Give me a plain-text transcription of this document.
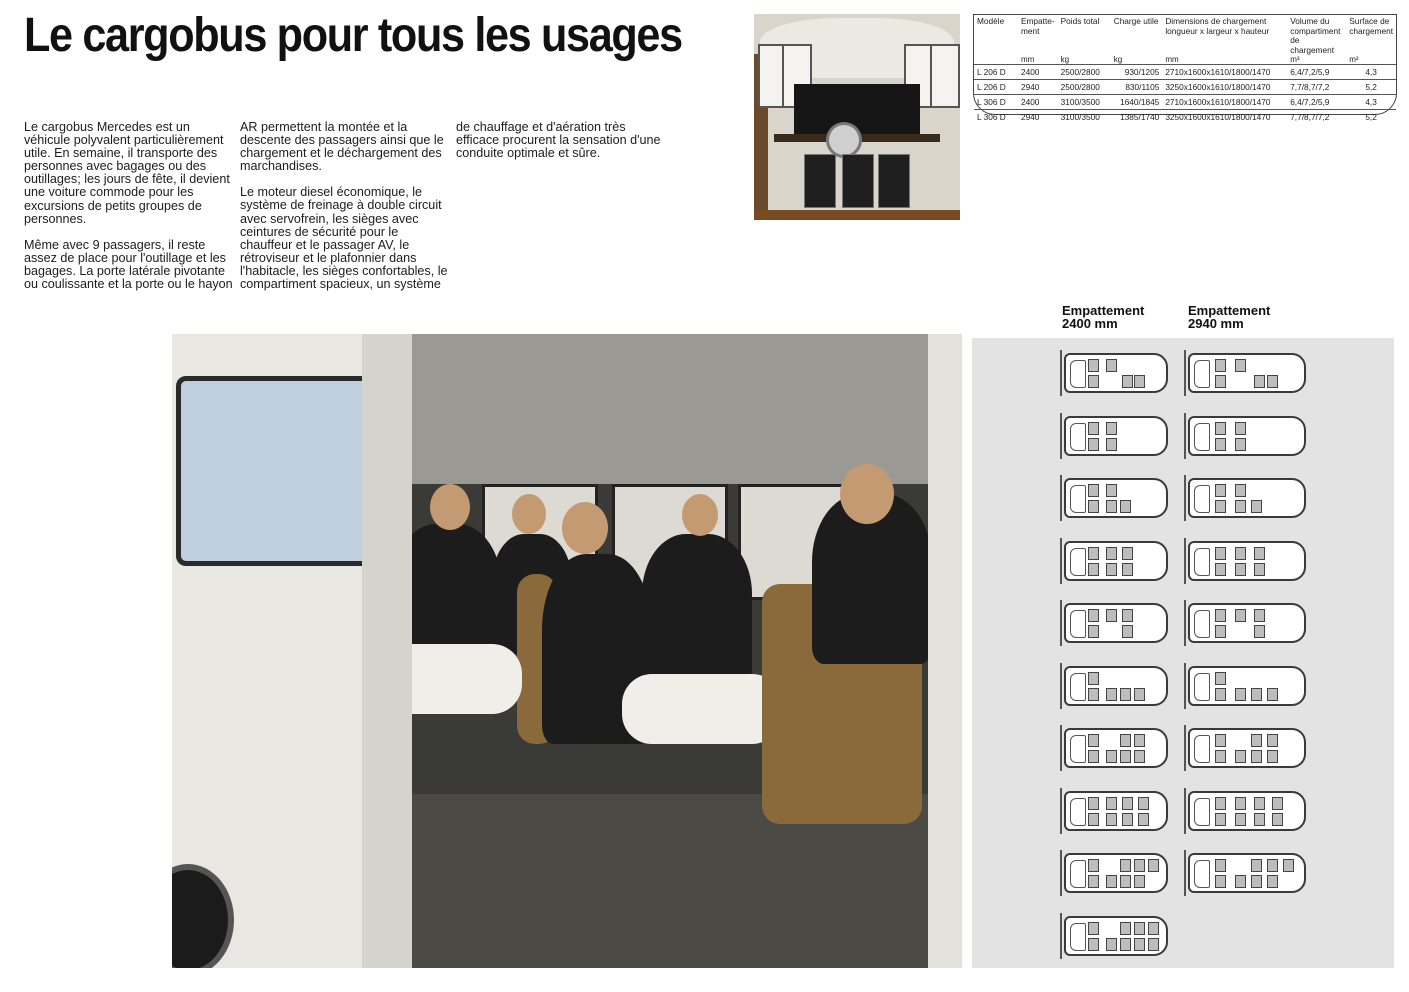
Le cargobus pour tous les usages

Le cargobus Mercedes est un véhicule polyvalent particulièrement utile. En semaine, il transporte des personnes avec bagages ou des outillages; les jours de fête, il devient une voiture commode pour les excursions de petits groupes de personnes.

Même avec 9 passagers, il reste assez de place pour l'outillage et les bagages. La porte latérale pivotante ou coulissante et la porte ou le hayon

AR permettent la montée et la descente des passagers ainsi que le chargement et le déchargement des marchandises.

Le moteur diesel économique, le système de freinage à double circuit avec servofrein, les sièges avec ceintures de sécurité pour le chauffeur et le passager AV, le rétroviseur et le plafonnier dans l'habitacle, les sièges confortables, le compartiment spacieux, un système

de chauffage et d'aération très efficace procurent la sensation d'une conduite optimale et sûre.

Modèle	Empatte-ment	Poids total	Charge utile	Dimensions de chargement longueur x largeur x hauteur	Volume du compartiment de chargement	Surface de chargement
	mm	kg	kg	mm	m³	m²
L 206 D	2400	2500/2800	930/1205	2710x1600x1610/1800/1470	6,4/7,2/5,9	4,3
L 206 D	2940	2500/2800	830/1105	3250x1600x1610/1800/1470	7,7/8,7/7,2	5,2
L 306 D	2400	3100/3500	1640/1845	2710x1600x1610/1800/1470	6,4/7,2/5,9	4,3
L 306 D	2940	3100/3500	1385/1740	3250x1600x1610/1800/1470	7,7/8,7/7,2	5,2
Empattement 2400 mm
Empattement 2940 mm
